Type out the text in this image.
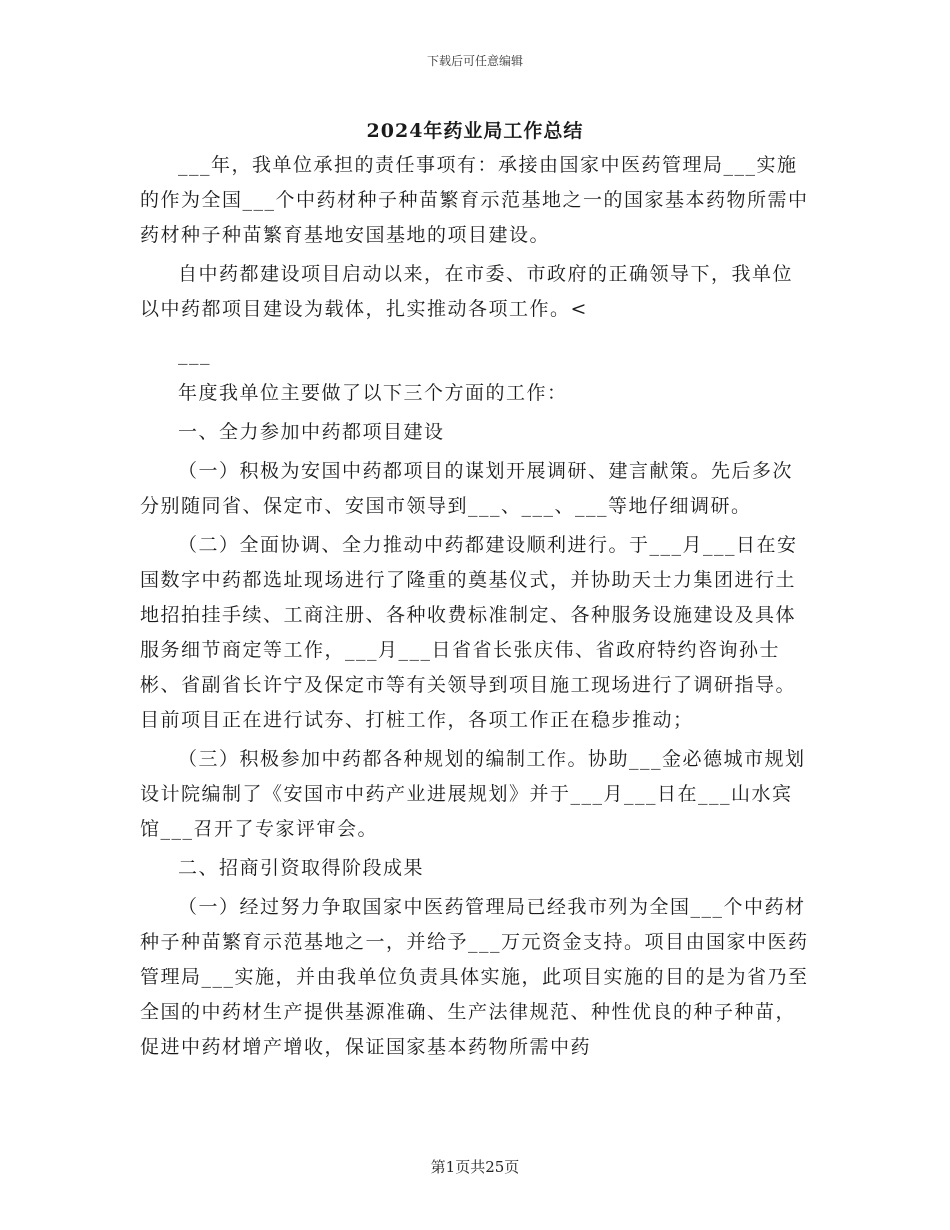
下载后可任意编辑
2024年药业局工作总结

___年，我单位承担的责任事项有：承接由国家中医药管理局___实施的作为全国___个中药材种子种苗繁育示范基地之一的国家基本药物所需中药材种子种苗繁育基地安国基地的项目建设。

自中药都建设项目启动以来，在市委、市政府的正确领导下，我单位以中药都项目建设为载体，扎实推动各项工作。<

___

年度我单位主要做了以下三个方面的工作：

一、全力参加中药都项目建设

（一）积极为安国中药都项目的谋划开展调研、建言献策。先后多次分别随同省、保定市、安国市领导到___、___、___等地仔细调研。

（二）全面协调、全力推动中药都建设顺利进行。于___月___日在安国数字中药都选址现场进行了隆重的奠基仪式，并协助天士力集团进行土地招拍挂手续、工商注册、各种收费标准制定、各种服务设施建设及具体服务细节商定等工作，___月___日省省长张庆伟、省政府特约咨询孙士彬、省副省长许宁及保定市等有关领导到项目施工现场进行了调研指导。目前项目正在进行试夯、打桩工作，各项工作正在稳步推动；

（三）积极参加中药都各种规划的编制工作。协助___金必德城市规划设计院编制了《安国市中药产业进展规划》并于___月___日在___山水宾馆___召开了专家评审会。

二、招商引资取得阶段成果

（一）经过努力争取国家中医药管理局已经我市列为全国___个中药材种子种苗繁育示范基地之一，并给予___万元资金支持。项目由国家中医药管理局___实施，并由我单位负责具体实施，此项目实施的目的是为省乃至全国的中药材生产提供基源准确、生产法律规范、种性优良的种子种苗，促进中药材增产增收，保证国家基本药物所需中药

第1页共25页
